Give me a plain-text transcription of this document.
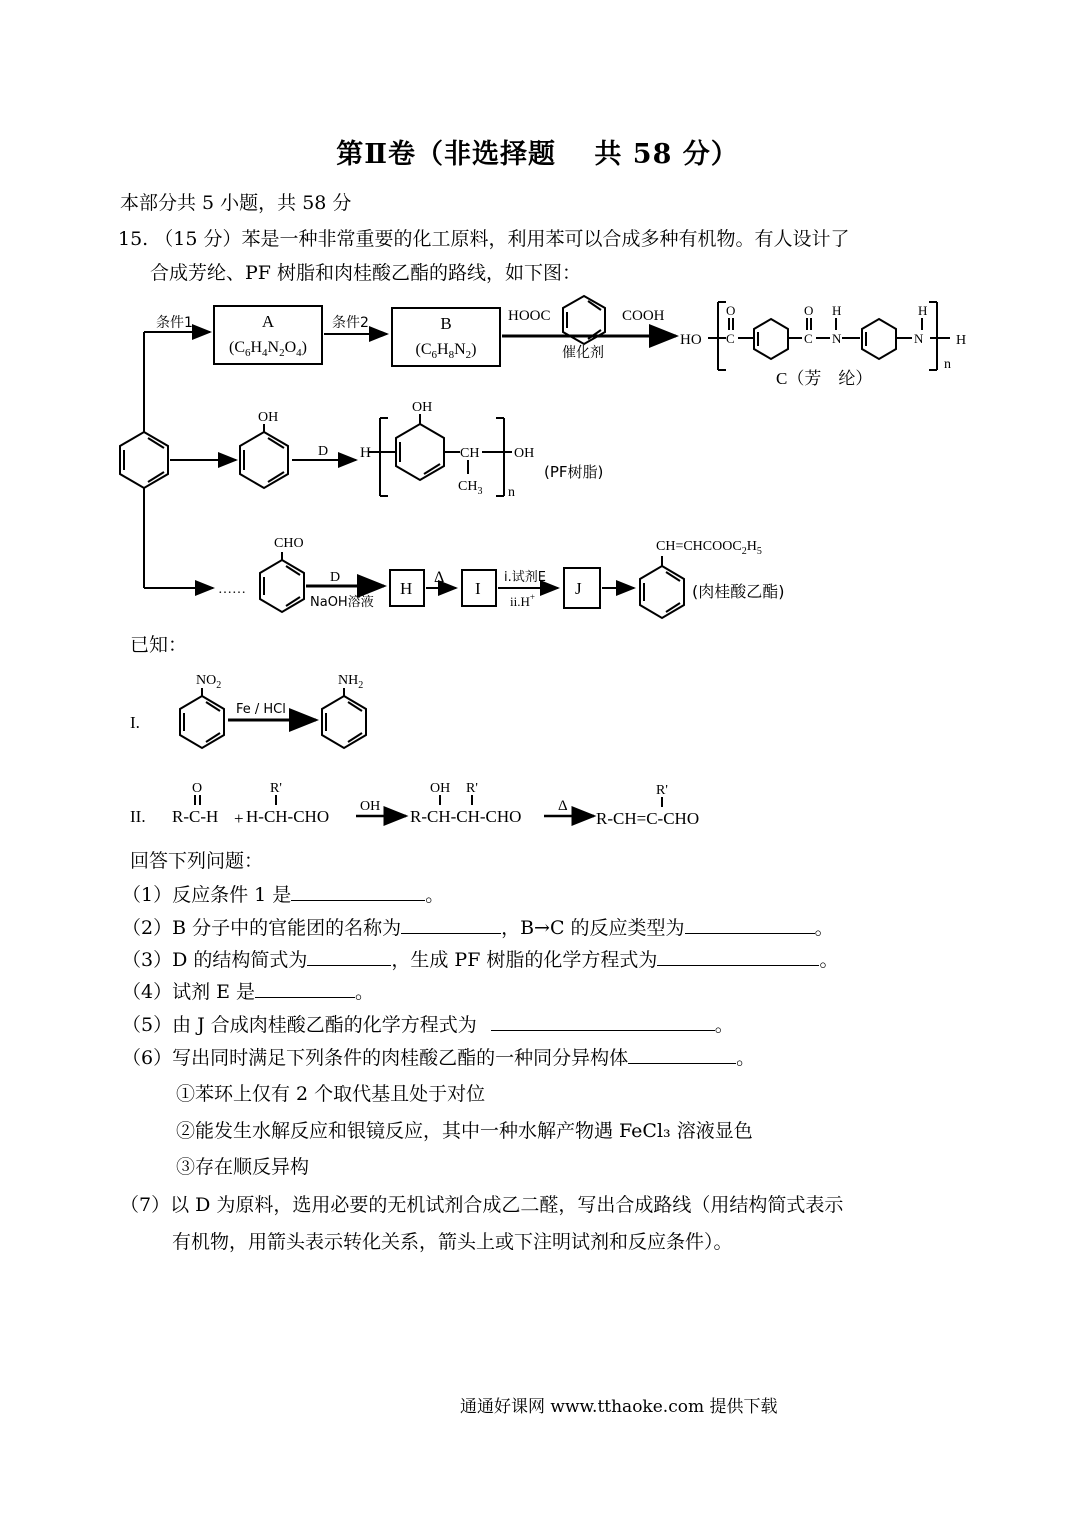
第Ⅱ卷（非选择题　 共 58 分）
本部分共 5 小题，共 58 分
15. （15 分）苯是一种非常重要的化工原料，利用苯可以合成多种有机物。有人设计了
合成芳纶、PF 树脂和肉桂酸乙酯的路线，如下图：
条件1	A
$(C_6H_4N_2O_4)$
条件2	B
$(C_6H_8N_2)$
HOOC	COOH
催化剂
HO
O
C
O
C
H
N
H
N H
n
C（芳　纶）
OH
D H
OH
CH
$CH_3$
OH
n
(PF树脂)
……
CHO
D
NaOH溶液
H
Δ
I
i.试剂E
ii.H+ J
$CH=CHCOOC_2H_5$
(肉桂酸乙酯)
已知：
I.
$NO_2$
Fe / HCl
$NH_2$
II.
O
R-C-H +
R'
H-CH-CHO
OH
OH R'
R-CH-CH-CHO
Δ
R'
R-CH=C-CHO
回答下列问题：
（1）反应条件 1 是	。
（2）B 分子中的官能团的名称为	，B→C 的反应类型为	。
（3）D 的结构简式为	，生成 PF 树脂的化学方程式为	。
（4）试剂 E 是	。
（5）由 J 合成肉桂酸乙酯的化学方程式为	。
（6）写出同时满足下列条件的肉桂酸乙酯的一种同分异构体	。
①苯环上仅有 2 个取代基且处于对位
②能发生水解反应和银镜反应，其中一种水解产物遇 FeCl₃ 溶液显色
③存在顺反异构
（7）以 D 为原料，选用必要的无机试剂合成乙二醛，写出合成路线（用结构简式表示
有机物，用箭头表示转化关系，箭头上或下注明试剂和反应条件）。
通通好课网 www.tthaoke.com 提供下载
